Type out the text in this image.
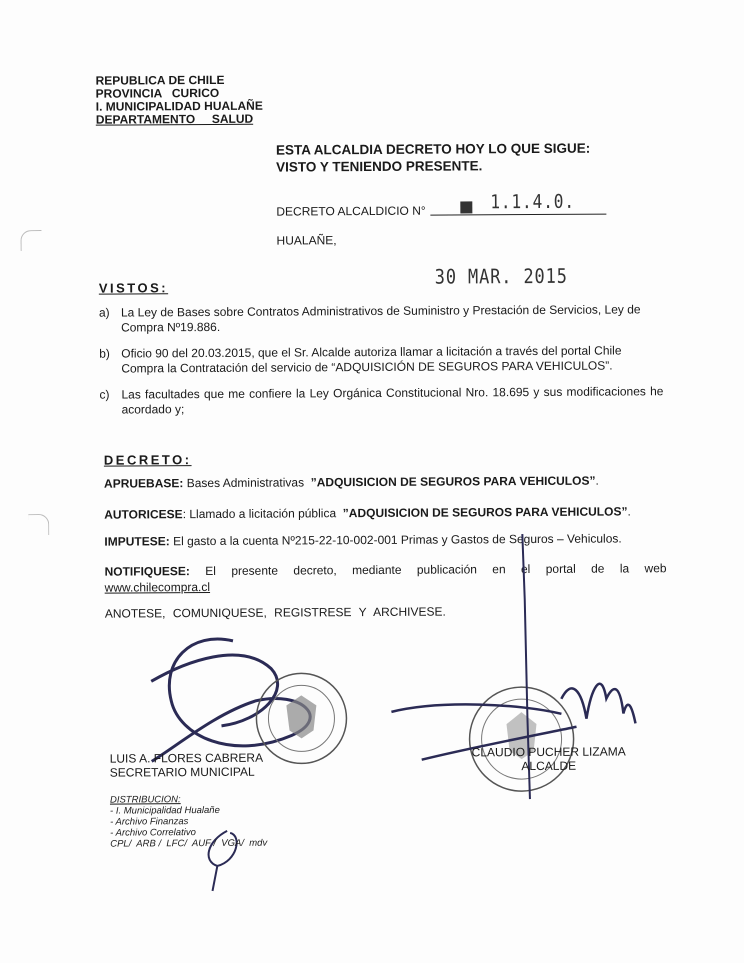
REPUBLICA DE CHILE
PROVINCIA   CURICO
I. MUNICIPALIDAD HUALAÑE
DEPARTAMENTO     SALUD
ESTA ALCALDIA DECRETO HOY LO QUE SIGUE:
VISTO Y TENIENDO PRESENTE.
DECRETO ALCALDICIO N°	1.1.4.0.
HUALAÑE,
30 MAR. 2015
VISTOS:
a) La Ley de Bases sobre Contratos Administrativos de Suministro y Prestación de Servicios, Ley de Compra Nº19.886.
b) Oficio 90 del 20.03.2015, que el Sr. Alcalde autoriza llamar a licitación a través del portal Chile Compra la Contratación del servicio de “ADQUISICIÓN DE SEGUROS PARA VEHICULOS”.
c) Las facultades que me confiere la Ley Orgánica Constitucional Nro. 18.695 y sus modificaciones he acordado y;
DECRETO:
APRUEBASE: Bases Administrativas  ”ADQUISICION DE SEGUROS PARA VEHICULOS”.
AUTORICESE: Llamado a licitación pública  ”ADQUISICION DE SEGUROS PARA VEHICULOS”.
IMPUTESE: El gasto a la cuenta Nº215-22-10-002-001 Primas y Gastos de Seguros – Vehiculos.
NOTIFIQUESE: El presente decreto, mediante publicación en el portal de la web
www.chilecompra.cl
ANOTESE, COMUNIQUESE, REGISTRESE Y ARCHIVESE.
LUIS A. FLORES CABRERA
SECRETARIO MUNICIPAL
CLAUDIO PUCHER LIZAMA
ALCALDE
DISTRIBUCION:
- I. Municipalidad Hualañe
- Archivo Finanzas
- Archivo Correlativo
CPL/  ARB /  LFC/  AUF /  VGA/  mdv
